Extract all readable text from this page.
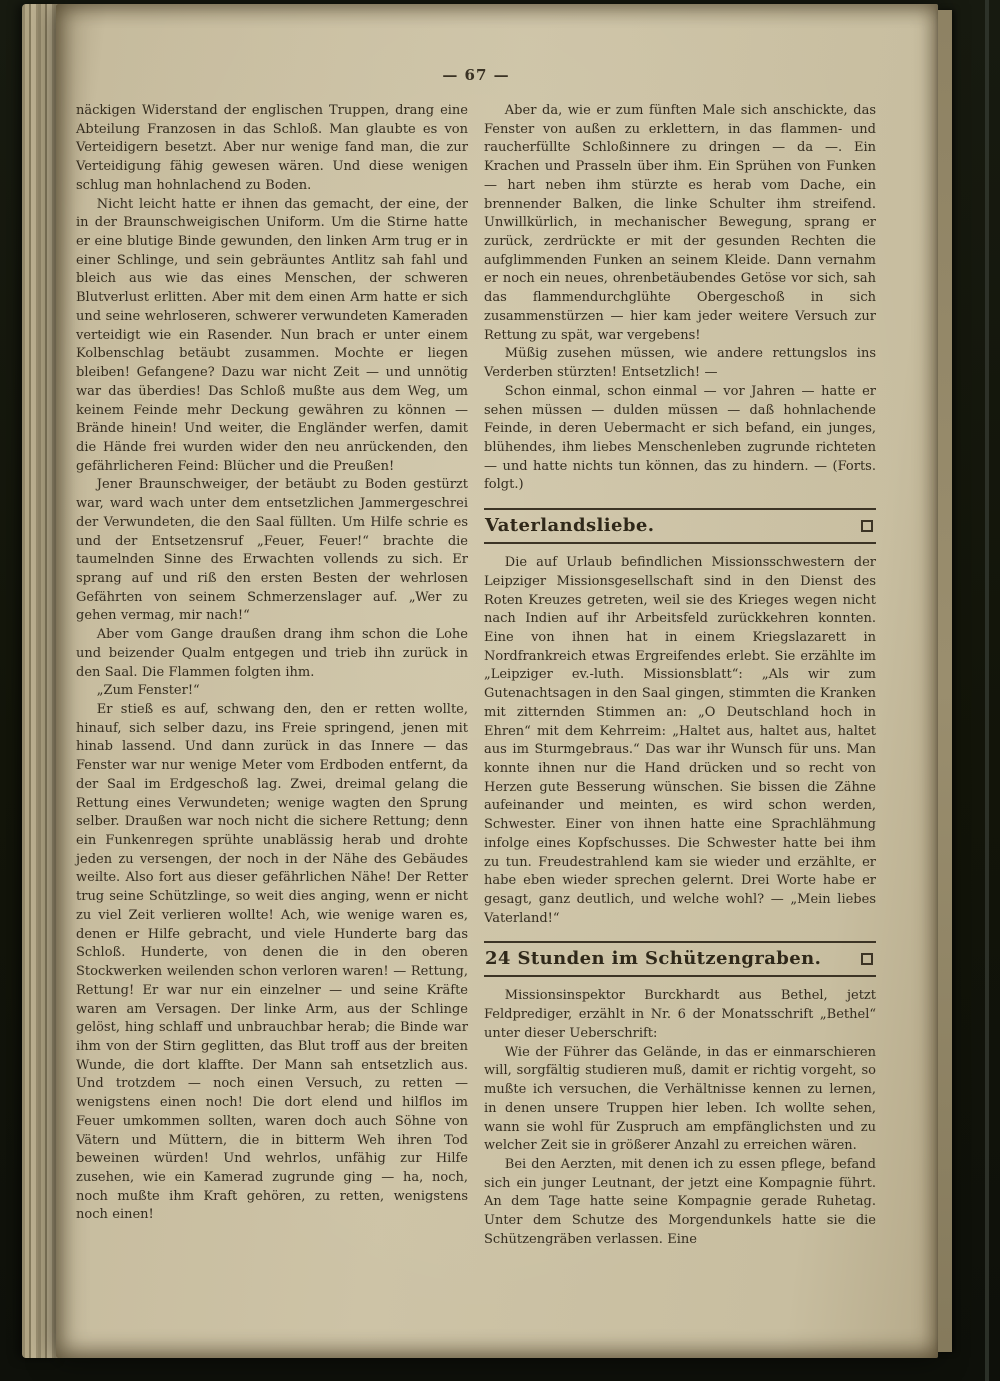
— 67 —

näckigen Widerstand der englischen Truppen, drang eine Abteilung Franzosen in das Schloß. Man glaubte es von Verteidigern besetzt. Aber nur wenige fand man, die zur Verteidigung fähig gewesen wären. Und diese wenigen schlug man hohnlachend zu Boden.

Nicht leicht hatte er ihnen das gemacht, der eine, der in der Braunschweigischen Uniform. Um die Stirne hatte er eine blutige Binde gewunden, den linken Arm trug er in einer Schlinge, und sein gebräuntes Antlitz sah fahl und bleich aus wie das eines Menschen, der schweren Blutverlust erlitten. Aber mit dem einen Arm hatte er sich und seine wehrloseren, schwerer verwundeten Kameraden verteidigt wie ein Rasender. Nun brach er unter einem Kolbenschlag betäubt zusammen. Mochte er liegen bleiben! Gefangene? Dazu war nicht Zeit — und unnötig war das überdies! Das Schloß mußte aus dem Weg, um keinem Feinde mehr Deckung gewähren zu können — Brände hinein! Und weiter, die Engländer werfen, damit die Hände frei wurden wider den neu anrückenden, den gefährlicheren Feind: Blücher und die Preußen!

Jener Braunschweiger, der betäubt zu Boden gestürzt war, ward wach unter dem entsetzlichen Jammergeschrei der Verwundeten, die den Saal füllten. Um Hilfe schrie es und der Entsetzensruf „Feuer, Feuer!“ brachte die taumelnden Sinne des Erwachten vollends zu sich. Er sprang auf und riß den ersten Besten der wehrlosen Gefährten von seinem Schmerzenslager auf. „Wer zu gehen vermag, mir nach!“

Aber vom Gange draußen drang ihm schon die Lohe und beizender Qualm entgegen und trieb ihn zurück in den Saal. Die Flammen folgten ihm.

„Zum Fenster!“

Er stieß es auf, schwang den, den er retten wollte, hinauf, sich selber dazu, ins Freie springend, jenen mit hinab lassend. Und dann zurück in das Innere — das Fenster war nur wenige Meter vom Erdboden entfernt, da der Saal im Erdgeschoß lag. Zwei, dreimal gelang die Rettung eines Verwundeten; wenige wagten den Sprung selber. Draußen war noch nicht die sichere Rettung; denn ein Funkenregen sprühte unablässig herab und drohte jeden zu versengen, der noch in der Nähe des Gebäudes weilte. Also fort aus dieser gefährlichen Nähe! Der Retter trug seine Schützlinge, so weit dies anging, wenn er nicht zu viel Zeit verlieren wollte! Ach, wie wenige waren es, denen er Hilfe gebracht, und viele Hunderte barg das Schloß. Hunderte, von denen die in den oberen Stockwerken weilenden schon verloren waren! — Rettung, Rettung! Er war nur ein einzelner — und seine Kräfte waren am Versagen. Der linke Arm, aus der Schlinge gelöst, hing schlaff und unbrauchbar herab; die Binde war ihm von der Stirn geglitten, das Blut troff aus der breiten Wunde, die dort klaffte. Der Mann sah entsetzlich aus. Und trotzdem — noch einen Versuch, zu retten — wenigstens einen noch! Die dort elend und hilflos im Feuer umkommen sollten, waren doch auch Söhne von Vätern und Müttern, die in bitterm Weh ihren Tod beweinen würden! Und wehrlos, unfähig zur Hilfe zusehen, wie ein Kamerad zugrunde ging — ha, noch, noch mußte ihm Kraft gehören, zu retten, wenigstens noch einen!

Aber da, wie er zum fünften Male sich anschickte, das Fenster von außen zu erklettern, in das flammen- und raucherfüllte Schloßinnere zu dringen — da —. Ein Krachen und Prasseln über ihm. Ein Sprühen von Funken — hart neben ihm stürzte es herab vom Dache, ein brennender Balken, die linke Schulter ihm streifend. Unwillkürlich, in mechanischer Bewegung, sprang er zurück, zerdrückte er mit der gesunden Rechten die aufglimmenden Funken an seinem Kleide. Dann vernahm er noch ein neues, ohrenbetäubendes Getöse vor sich, sah das flammendurchglühte Obergeschoß in sich zusammenstürzen — hier kam jeder weitere Versuch zur Rettung zu spät, war vergebens!

Müßig zusehen müssen, wie andere rettungslos ins Verderben stürzten! Entsetzlich! —

Schon einmal, schon einmal — vor Jahren — hatte er sehen müssen — dulden müssen — daß hohnlachende Feinde, in deren Uebermacht er sich befand, ein junges, blühendes, ihm liebes Menschenleben zugrunde richteten — und hatte nichts tun können, das zu hindern. — (Forts. folgt.)

Vaterlandsliebe.

Die auf Urlaub befindlichen Missionsschwestern der Leipziger Missionsgesellschaft sind in den Dienst des Roten Kreuzes getreten, weil sie des Krieges wegen nicht nach Indien auf ihr Arbeitsfeld zurückkehren konnten. Eine von ihnen hat in einem Kriegslazarett in Nordfrankreich etwas Ergreifendes erlebt. Sie erzählte im „Leipziger ev.-luth. Missionsblatt“: „Als wir zum Gutenachtsagen in den Saal gingen, stimmten die Kranken mit zitternden Stimmen an: „O Deutschland hoch in Ehren“ mit dem Kehrreim: „Haltet aus, haltet aus, haltet aus im Sturmgebraus.“ Das war ihr Wunsch für uns. Man konnte ihnen nur die Hand drücken und so recht von Herzen gute Besserung wünschen. Sie bissen die Zähne aufeinander und meinten, es wird schon werden, Schwester. Einer von ihnen hatte eine Sprachlähmung infolge eines Kopfschusses. Die Schwester hatte bei ihm zu tun. Freudestrahlend kam sie wieder und erzählte, er habe eben wieder sprechen gelernt. Drei Worte habe er gesagt, ganz deutlich, und welche wohl? — „Mein liebes Vaterland!“

24 Stunden im Schützengraben.

Missionsinspektor Burckhardt aus Bethel, jetzt Feldprediger, erzählt in Nr. 6 der Monatsschrift „Bethel“ unter dieser Ueberschrift:

Wie der Führer das Gelände, in das er einmarschieren will, sorgfältig studieren muß, damit er richtig vorgeht, so mußte ich versuchen, die Verhältnisse kennen zu lernen, in denen unsere Truppen hier leben. Ich wollte sehen, wann sie wohl für Zuspruch am empfänglichsten und zu welcher Zeit sie in größerer Anzahl zu erreichen wären.

Bei den Aerzten, mit denen ich zu essen pflege, befand sich ein junger Leutnant, der jetzt eine Kompagnie führt. An dem Tage hatte seine Kompagnie gerade Ruhetag. Unter dem Schutze des Morgendunkels hatte sie die Schützengräben verlassen. Eine
